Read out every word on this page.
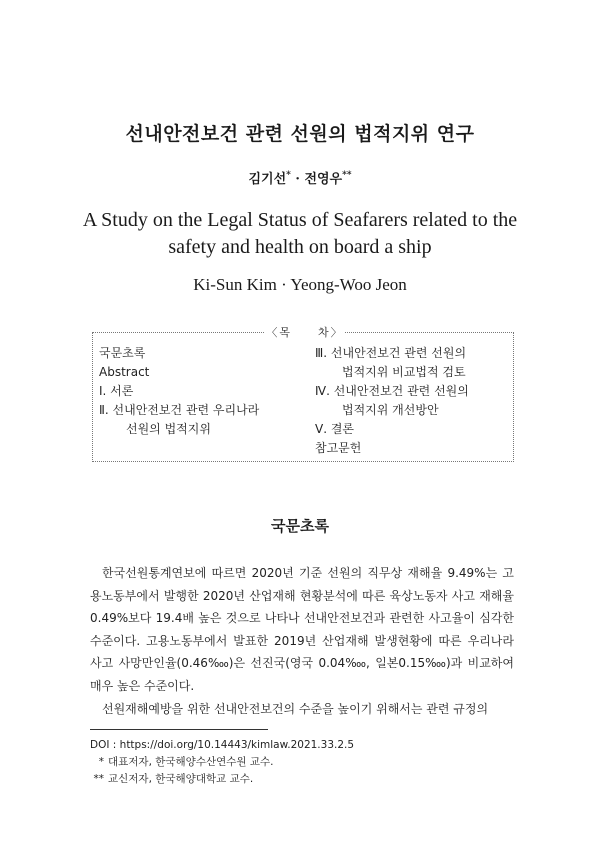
선내안전보건 관련 선원의 법적지위 연구
김기선* · 전영우**
A Study on the Legal Status of Seafarers related to the
safety and health on board a ship
Ki-Sun Kim · Yeong-Woo Jeon
〈목　　차〉
국문초록
Abstract
Ⅰ. 서론
Ⅱ. 선내안전보건 관련 우리나라
선원의 법적지위
Ⅲ. 선내안전보건 관련 선원의
법적지위 비교법적 검토
Ⅳ. 선내안전보건 관련 선원의
법적지위 개선방안
Ⅴ. 결론
참고문헌
국문초록

한국선원통계연보에 따르면 2020년 기준 선원의 직무상 재해율 9.49%는 고용노동부에서 발행한 2020년 산업재해 현황분석에 따른 육상노동자 사고 재해율 0.49%보다 19.4배 높은 것으로 나타나 선내안전보건과 관련한 사고율이 심각한 수준이다. 고용노동부에서 발표한 2019년 산업재해 발생현황에 따른 우리나라 사고 사망만인율(0.46‱)은 선진국(영국 0.04‱, 일본0.15‱)과 비교하여 매우 높은 수준이다.

선원재해예방을 위한 선내안전보건의 수준을 높이기 위해서는 관련 규정의

DOI : https://doi.org/10.14443/kimlaw.2021.33.2.5
* 대표저자, 한국해양수산연수원 교수.
** 교신저자, 한국해양대학교 교수.
